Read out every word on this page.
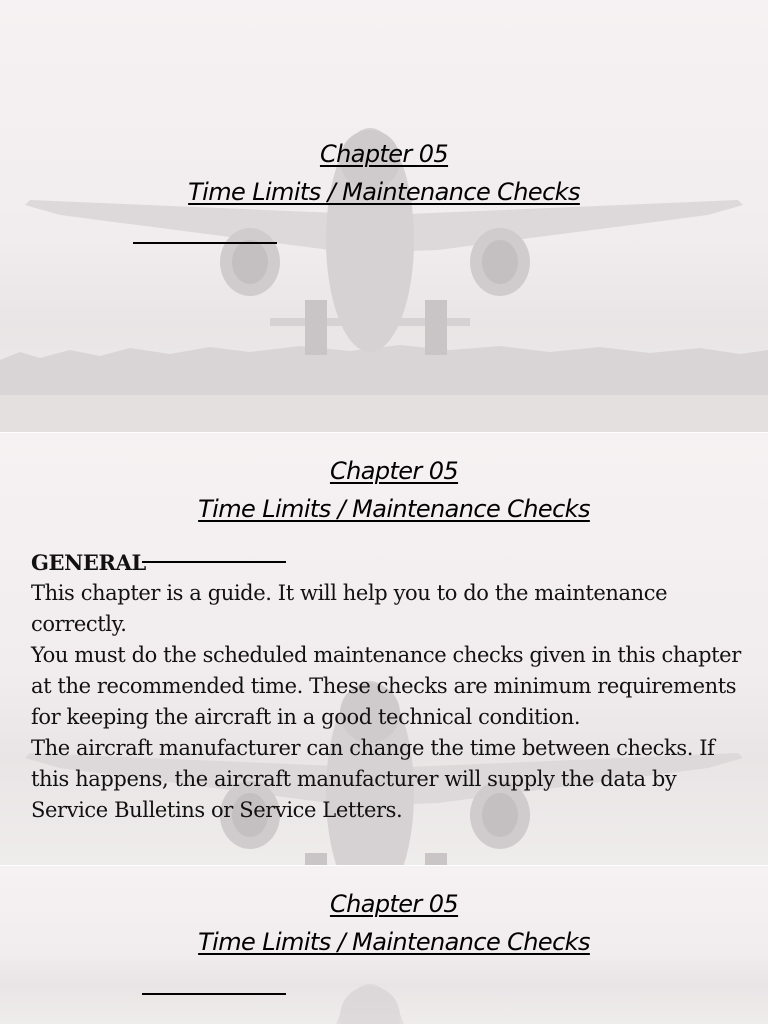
Chapter 05
Time Limits / Maintenance Checks
Chapter 05
Time Limits / Maintenance Checks

GENERAL

This chapter is a guide. It will help you to do the maintenance correctly.

You must do the scheduled maintenance checks given in this chapter at the recommended time. These checks are minimum requirements for keeping the aircraft in a good technical condition.

The aircraft manufacturer can change the time between checks. If this happens, the aircraft manufacturer will supply the data by Service Bulletins or Service Letters.

Chapter 05
Time Limits / Maintenance Checks
